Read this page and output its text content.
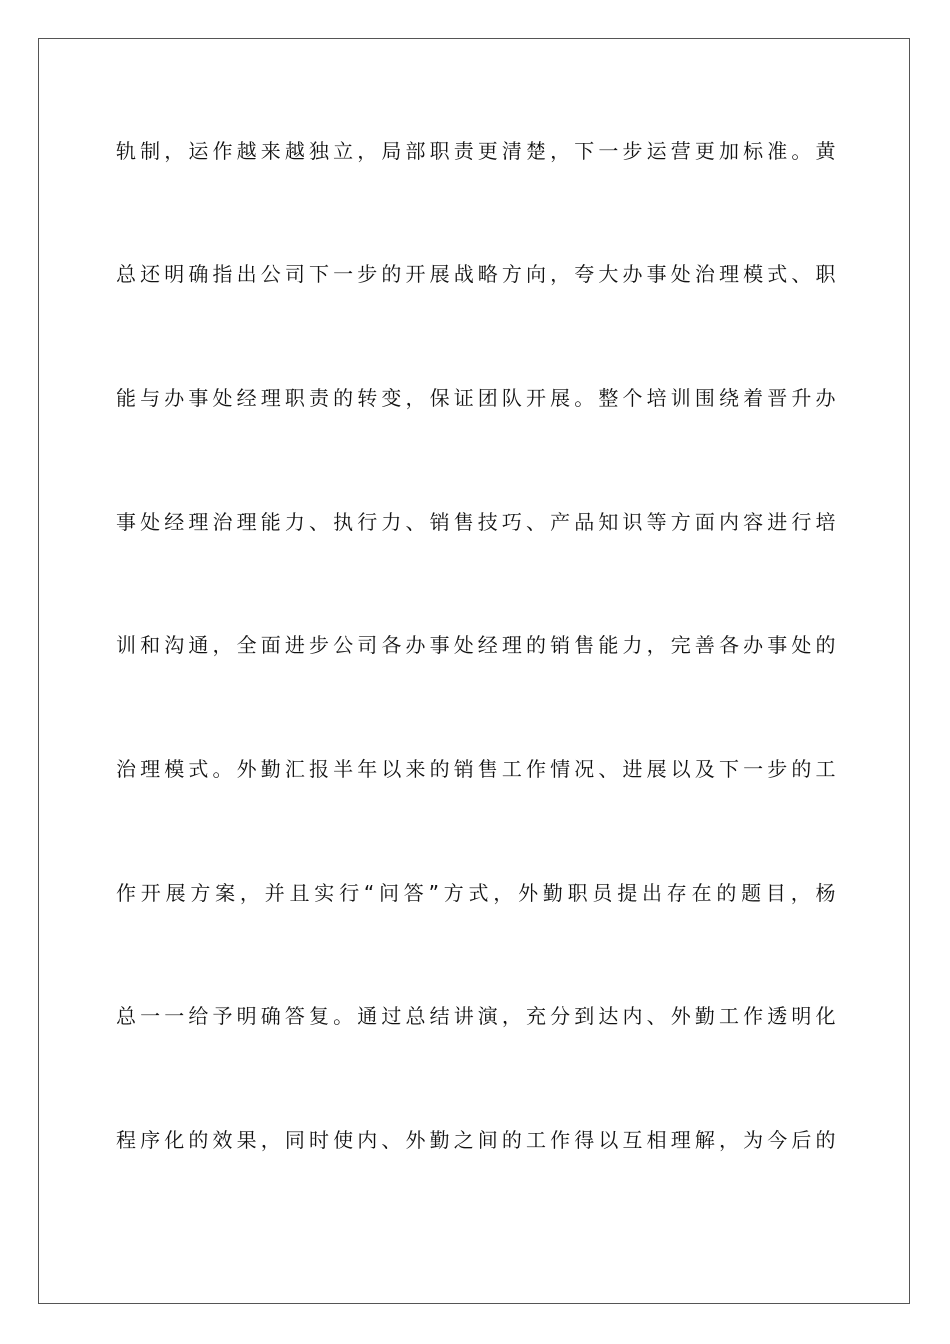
轨制，运作越来越独立，局部职责更清楚，下一步运营更加标准。黄
总还明确指出公司下一步的开展战略方向，夸大办事处治理模式、职
能与办事处经理职责的转变，保证团队开展。整个培训围绕着晋升办
事处经理治理能力、执行力、销售技巧、产品知识等方面内容进行培
训和沟通，全面进步公司各办事处经理的销售能力，完善各办事处的
治理模式。外勤汇报半年以来的销售工作情况、进展以及下一步的工
作开展方案，并且实行“问答”方式，外勤职员提出存在的题目，杨
总一一给予明确答复。通过总结讲演，充分到达内、外勤工作透明化
程序化的效果，同时使内、外勤之间的工作得以互相理解，为今后的
